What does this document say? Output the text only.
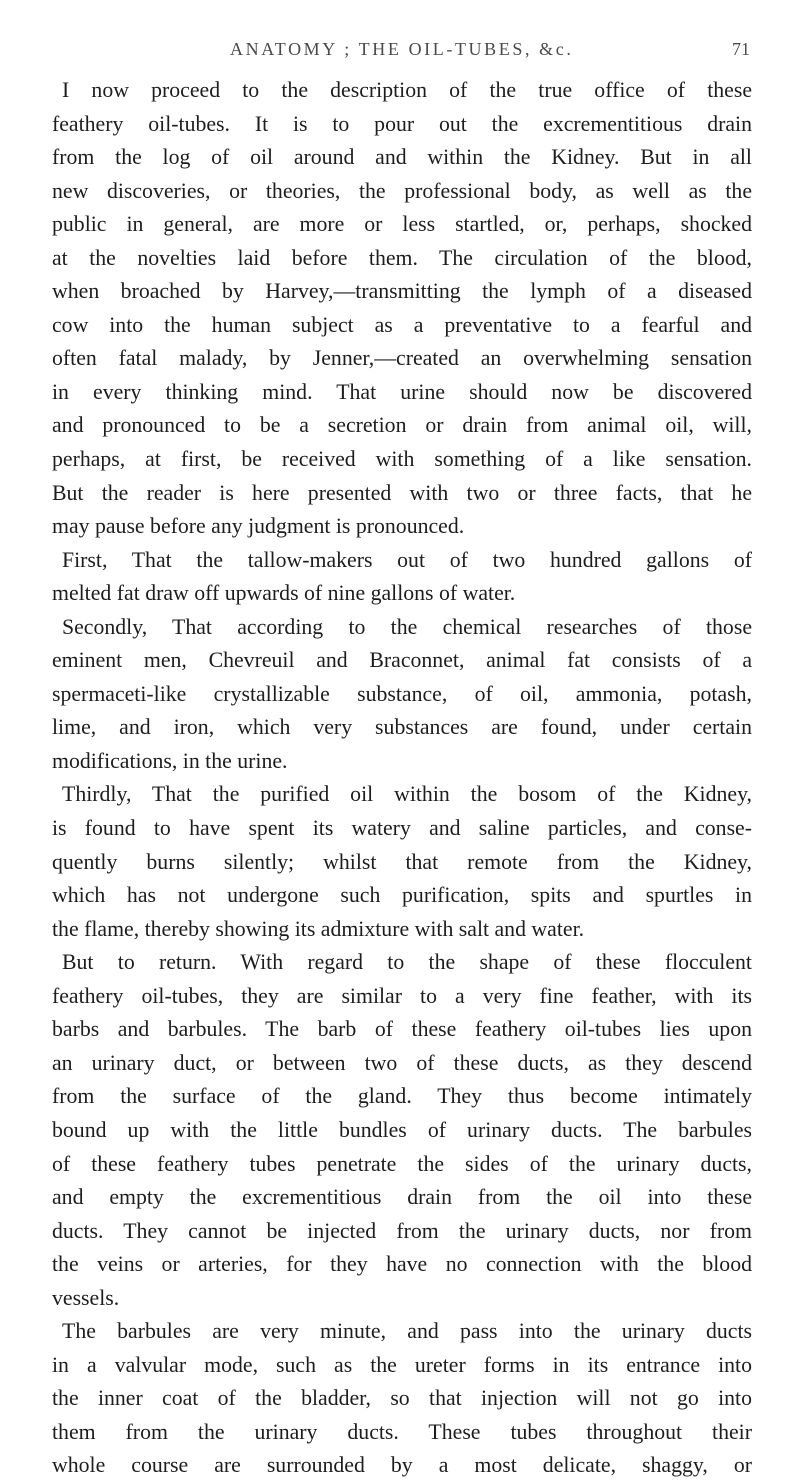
ANATOMY ; THE OIL-TUBES, &c.	71
I now proceed to the description of the true office of these
feathery oil-tubes. It is to pour out the excrementitious drain
from the log of oil around and within the Kidney. But in all
new discoveries, or theories, the professional body, as well as the
public in general, are more or less startled, or, perhaps, shocked
at the novelties laid before them. The circulation of the blood,
when broached by Harvey,—transmitting the lymph of a diseased
cow into the human subject as a preventative to a fearful and
often fatal malady, by Jenner,—created an overwhelming sensation
in every thinking mind. That urine should now be discovered
and pronounced to be a secretion or drain from animal oil, will,
perhaps, at first, be received with something of a like sensation.
But the reader is here presented with two or three facts, that he
may pause before any judgment is pronounced.
First, That the tallow-makers out of two hundred gallons of
melted fat draw off upwards of nine gallons of water.
Secondly, That according to the chemical researches of those
eminent men, Chevreuil and Braconnet, animal fat consists of a
spermaceti-like crystallizable substance, of oil, ammonia, potash,
lime, and iron, which very substances are found, under certain
modifications, in the urine.
Thirdly, That the purified oil within the bosom of the Kidney,
is found to have spent its watery and saline particles, and conse-
quently burns silently; whilst that remote from the Kidney,
which has not undergone such purification, spits and spurtles in
the flame, thereby showing its admixture with salt and water.
But to return. With regard to the shape of these flocculent
feathery oil-tubes, they are similar to a very fine feather, with its
barbs and barbules. The barb of these feathery oil-tubes lies upon
an urinary duct, or between two of these ducts, as they descend
from the surface of the gland. They thus become intimately
bound up with the little bundles of urinary ducts. The barbules
of these feathery tubes penetrate the sides of the urinary ducts,
and empty the excrementitious drain from the oil into these
ducts. They cannot be injected from the urinary ducts, nor from
the veins or arteries, for they have no connection with the blood
vessels.
The barbules are very minute, and pass into the urinary ducts
in a valvular mode, such as the ureter forms in its entrance into
the inner coat of the bladder, so that injection will not go into
them from the urinary ducts. These tubes throughout their
whole course are surrounded by a most delicate, shaggy, or
